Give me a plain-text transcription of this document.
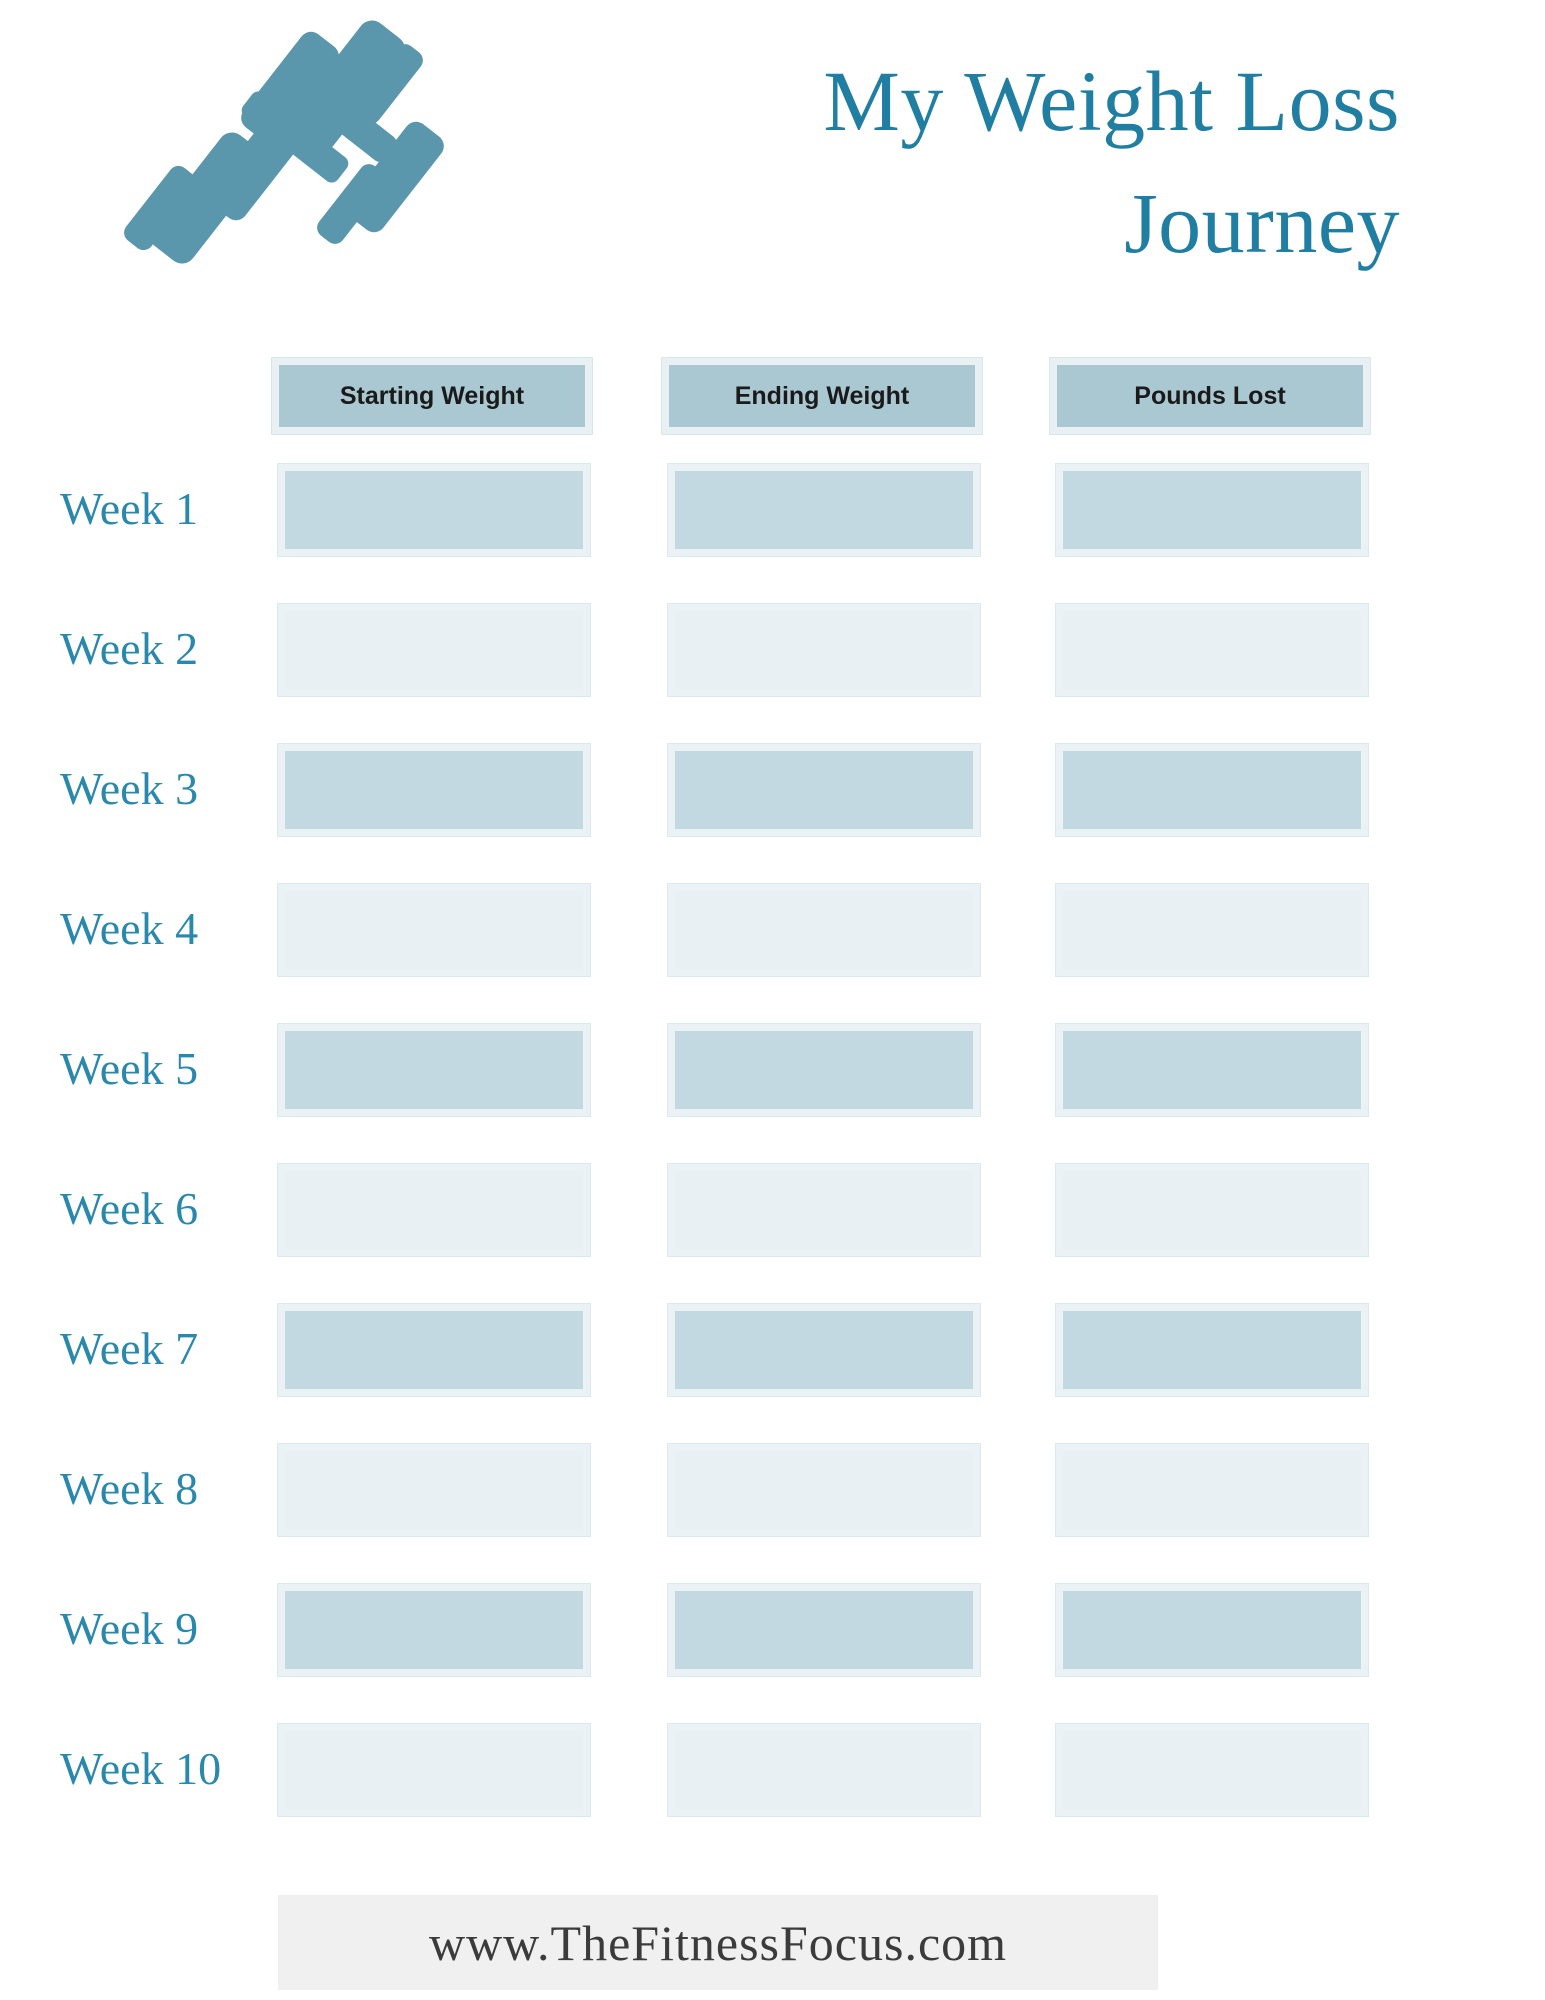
My Weight Loss
Journey
Starting Weight	Ending Weight	Pounds Lost
Week 1
Week 2
Week 3
Week 4
Week 5
Week 6
Week 7
Week 8
Week 9
Week 10
www.TheFitnessFocus.com
